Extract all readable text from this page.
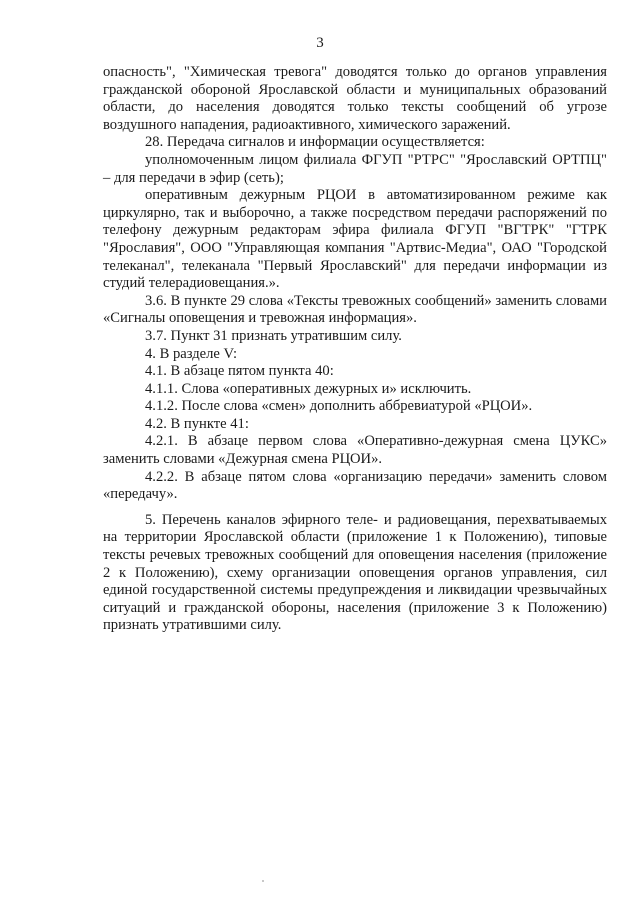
3

опасность", "Химическая тревога" доводятся только до органов управления гражданской обороной Ярославской области и муниципальных образований области, до населения доводятся только тексты сообщений об угрозе воздушного нападения, радиоактивного, химического заражений.

28. Передача сигналов и информации осуществляется:

уполномоченным лицом филиала ФГУП "РТРС" "Ярославский ОРТПЦ" – для передачи в эфир (сеть);

оперативным дежурным РЦОИ в автоматизированном режиме как циркулярно, так и выборочно, а также посредством передачи распоряжений по телефону дежурным редакторам эфира филиала ФГУП "ВГТРК" "ГТРК "Ярославия", ООО "Управляющая компания "Артвис-Медиа", ОАО "Городской телеканал", телеканала "Первый Ярославский" для передачи информации из студий телерадиовещания.».

3.6. В пункте 29 слова «Тексты тревожных сообщений» заменить словами «Сигналы оповещения и тревожная информация».

3.7. Пункт 31 признать утратившим силу.

4. В разделе V:

4.1. В абзаце пятом пункта 40:

4.1.1. Слова «оперативных дежурных и» исключить.

4.1.2. После слова «смен» дополнить аббревиатурой «РЦОИ».

4.2. В пункте 41:

4.2.1. В абзаце первом слова «Оперативно-дежурная смена ЦУКС» заменить словами «Дежурная смена РЦОИ».

4.2.2. В абзаце пятом слова «организацию передачи» заменить словом «передачу».

5. Перечень каналов эфирного теле- и радиовещания, перехватываемых на территории Ярославской области (приложение 1 к Положению), типовые тексты речевых тревожных сообщений для оповещения населения (приложение 2 к Положению), схему организации оповещения органов управления, сил единой государственной системы предупреждения и ликвидации чрезвычайных ситуаций и гражданской обороны, населения (приложение 3 к Положению) признать утратившими силу.
